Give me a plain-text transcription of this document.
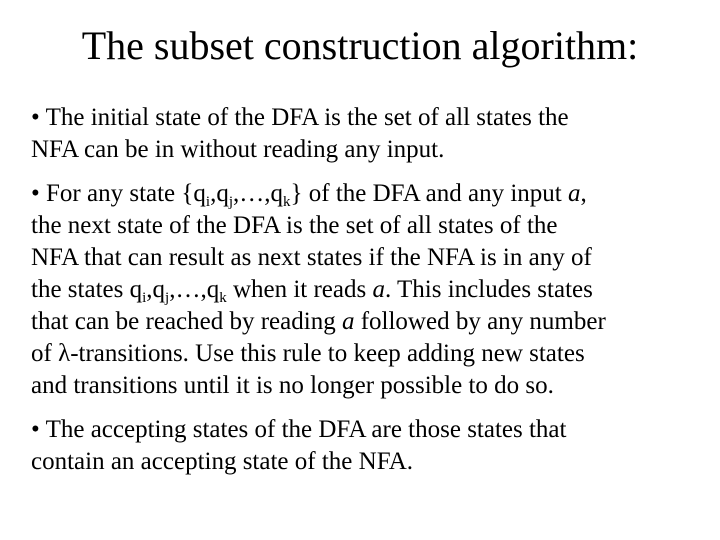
The subset construction algorithm:

• The initial state of the DFA is the set of all states the
NFA can be in without reading any input.

• For any state $\{q_i,q_j,\dots,q_k\}$ of the DFA and any input a,
the next state of the DFA is the set of all states of the
NFA that can result as next states if the NFA is in any of
the states $q_i,q_j,\dots,q_k$ when it reads a. This includes states
that can be reached by reading a followed by any number
of λ-transitions. Use this rule to keep adding new states
and transitions until it is no longer possible to do so.

• The accepting states of the DFA are those states that
contain an accepting state of the NFA.
